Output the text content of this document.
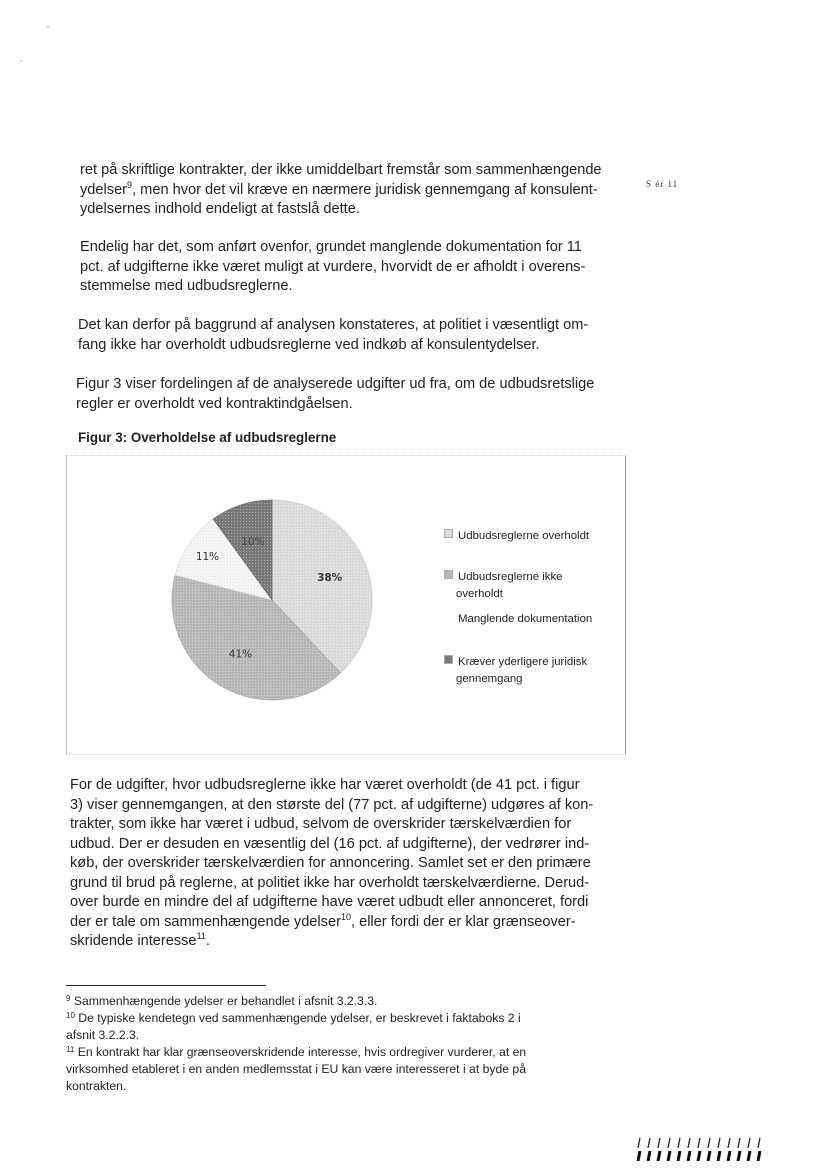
ret på skriftlige kontrakter, der ikke umiddelbart fremstår som sammenhængende
ydelser$^9$, men hvor det vil kræve en nærmere juridisk gennemgang af konsulent-
ydelsernes indhold endeligt at fastslå dette.
S ér 11
Endelig har det, som anført ovenfor, grundet manglende dokumentation for 11
pct. af udgifterne ikke været muligt at vurdere, hvorvidt de er afholdt i overens-
stemmelse med udbudsreglerne.
Det kan derfor på baggrund af analysen konstateres, at politiet i væsentligt om-
fang ikke har overholdt udbudsreglerne ved indkøb af konsulentydelser.
Figur 3 viser fordelingen af de analyserede udgifter ud fra, om de udbudsretslige
regler er overholdt ved kontraktindgåelsen.
Figur 3: Overholdelse af udbudsreglerne
38%
41%
11%
10%
Udbudsreglerne overholdt
Udbudsreglerne ikke
overholdt
Manglende dokumentation
Kræver yderligere juridisk
gennemgang
For de udgifter, hvor udbudsreglerne ikke har været overholdt (de 41 pct. i figur
3) viser gennemgangen, at den største del (77 pct. af udgifterne) udgøres af kon-
trakter, som ikke har været i udbud, selvom de overskrider tærskelværdien for
udbud. Der er desuden en væsentlig del (16 pct. af udgifterne), der vedrører ind-
køb, der overskrider tærskelværdien for annoncering. Samlet set er den primære
grund til brud på reglerne, at politiet ikke har overholdt tærskelværdierne. Derud-
over burde en mindre del af udgifterne have været udbudt eller annonceret, fordi
der er tale om sammenhængende ydelser$^{10}$, eller fordi der er klar grænseover-
skridende interesse$^{11}$.

$^9$ Sammenhængende ydelser er behandlet i afsnit 3.2.3.3.

$^{10}$ De typiske kendetegn ved sammenhængende ydelser, er beskrevet i faktaboks 2 i
afsnit 3.2.2.3.

$^{11}$ En kontrakt har klar grænseoverskridende interesse, hvis ordregiver vurderer, at en
virksomhed etableret i en anden medlemsstat i EU kan være interesseret i at byde på
kontrakten.
